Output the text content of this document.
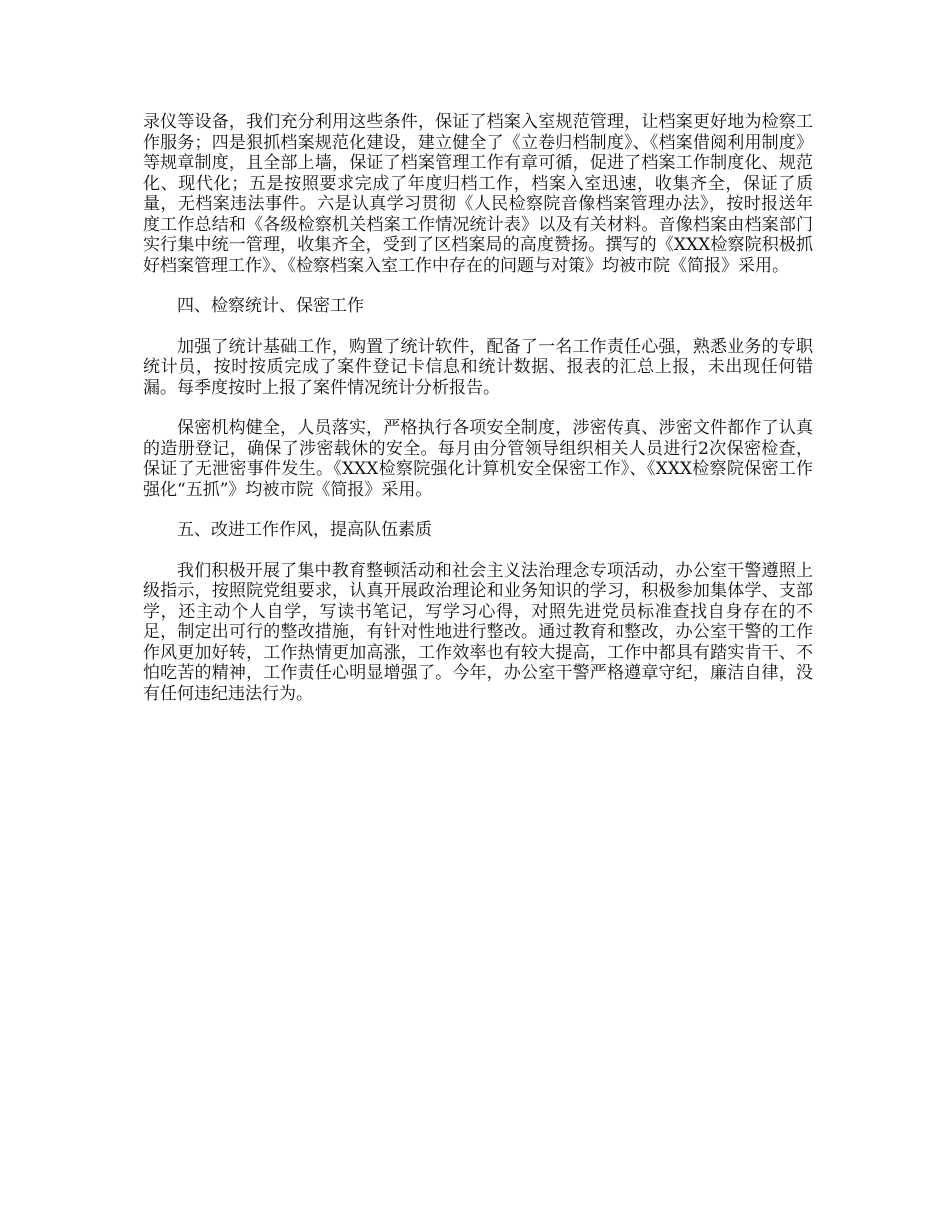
录仪等设备，我们充分利用这些条件，保证了档案入室规范管理，让档案更好地为检察工作服务；四是狠抓档案规范化建设，建立健全了《立卷归档制度》、《档案借阅利用制度》等规章制度，且全部上墙，保证了档案管理工作有章可循，促进了档案工作制度化、规范化、现代化；五是按照要求完成了年度归档工作，档案入室迅速，收集齐全，保证了质量，无档案违法事件。六是认真学习贯彻《人民检察院音像档案管理办法》，按时报送年度工作总结和《各级检察机关档案工作情况统计表》以及有关材料。音像档案由档案部门实行集中统一管理，收集齐全，受到了区档案局的高度赞扬。撰写的《XXX检察院积极抓好档案管理工作》、《检察档案入室工作中存在的问题与对策》均被市院《简报》采用。

四、检察统计、保密工作

加强了统计基础工作，购置了统计软件，配备了一名工作责任心强，熟悉业务的专职统计员，按时按质完成了案件登记卡信息和统计数据、报表的汇总上报，未出现任何错漏。每季度按时上报了案件情况统计分析报告。

保密机构健全，人员落实，严格执行各项安全制度，涉密传真、涉密文件都作了认真的造册登记，确保了涉密载休的安全。每月由分管领导组织相关人员进行2次保密检查，保证了无泄密事件发生。《XXX检察院强化计算机安全保密工作》、《XXX检察院保密工作强化“五抓”》均被市院《简报》采用。

五、改进工作作风，提高队伍素质

我们积极开展了集中教育整顿活动和社会主义法治理念专项活动，办公室干警遵照上级指示，按照院党组要求，认真开展政治理论和业务知识的学习，积极参加集体学、支部学，还主动个人自学，写读书笔记，写学习心得，对照先进党员标准查找自身存在的不足，制定出可行的整改措施，有针对性地进行整改。通过教育和整改，办公室干警的工作作风更加好转，工作热情更加高涨，工作效率也有较大提高，工作中都具有踏实肯干、不怕吃苦的精神，工作责任心明显增强了。今年，办公室干警严格遵章守纪，廉洁自律，没有任何违纪违法行为。
